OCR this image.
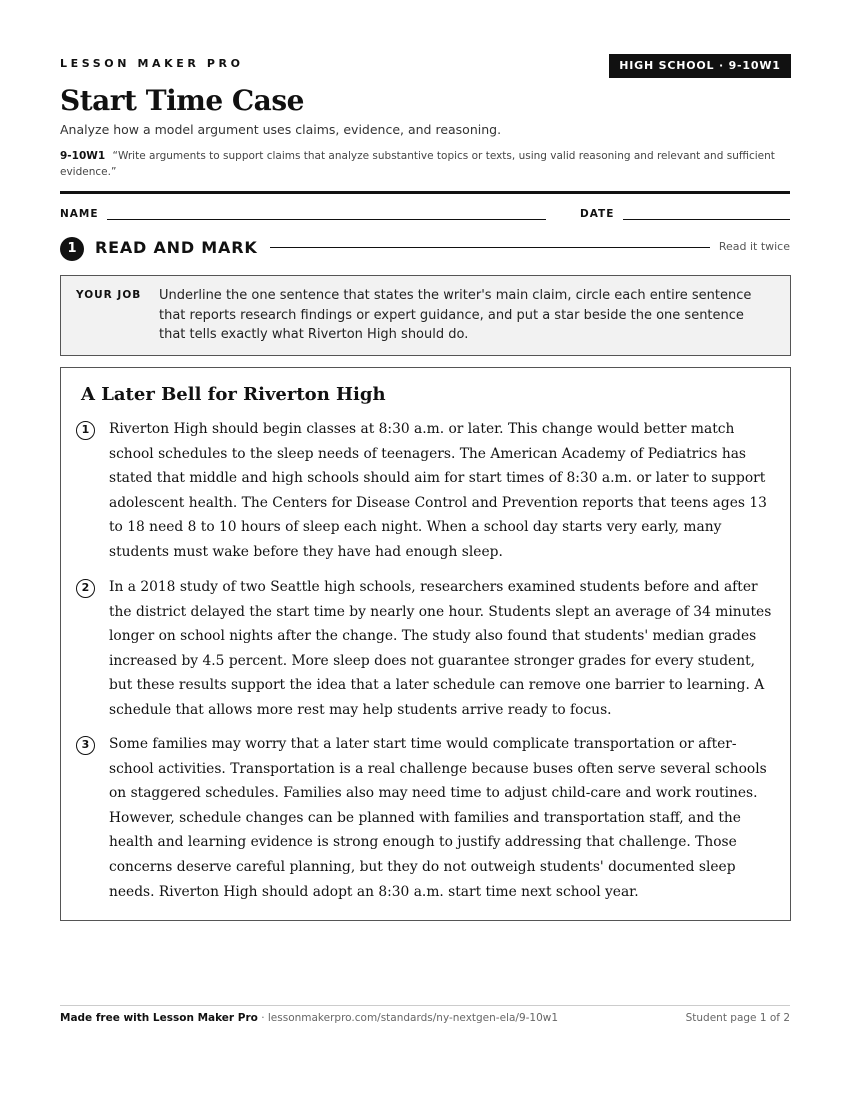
LESSON MAKER PRO	HIGH SCHOOL · 9-10W1
Start Time Case
Analyze how a model argument uses claims, evidence, and reasoning.
9-10W1 “Write arguments to support claims that analyze substantive topics or texts, using valid reasoning and relevant and sufficient evidence.”
NAME	DATE
1	READ AND MARK	Read it twice
YOUR JOB Underline the one sentence that states the writer's main claim, circle each entire sentence that reports research findings or expert guidance, and put a star beside the one sentence that tells exactly what Riverton High should do.
A Later Bell for Riverton High
1	Riverton High should begin classes at 8:30 a.m. or later. This change would better match school schedules to the sleep needs of teenagers. The American Academy of Pediatrics has stated that middle and high schools should aim for start times of 8:30 a.m. or later to support adolescent health. The Centers for Disease Control and Prevention reports that teens ages 13 to 18 need 8 to 10 hours of sleep each night. When a school day starts very early, many students must wake before they have had enough sleep.

2	In a 2018 study of two Seattle high schools, researchers examined students before and after the district delayed the start time by nearly one hour. Students slept an average of 34 minutes longer on school nights after the change. The study also found that students' median grades increased by 4.5 percent. More sleep does not guarantee stronger grades for every student, but these results support the idea that a later schedule can remove one barrier to learning. A schedule that allows more rest may help students arrive ready to focus.

3	Some families may worry that a later start time would complicate transportation or after-school activities. Transportation is a real challenge because buses often serve several schools on staggered schedules. Families also may need time to adjust child-care and work routines. However, schedule changes can be planned with families and transportation staff, and the health and learning evidence is strong enough to justify addressing that challenge. Those concerns deserve careful planning, but they do not outweigh students' documented sleep needs. Riverton High should adopt an 8:30 a.m. start time next school year.

Made free with Lesson Maker Pro · lessonmakerpro.com/standards/ny-nextgen-ela/9-10w1	Student page 1 of 2
